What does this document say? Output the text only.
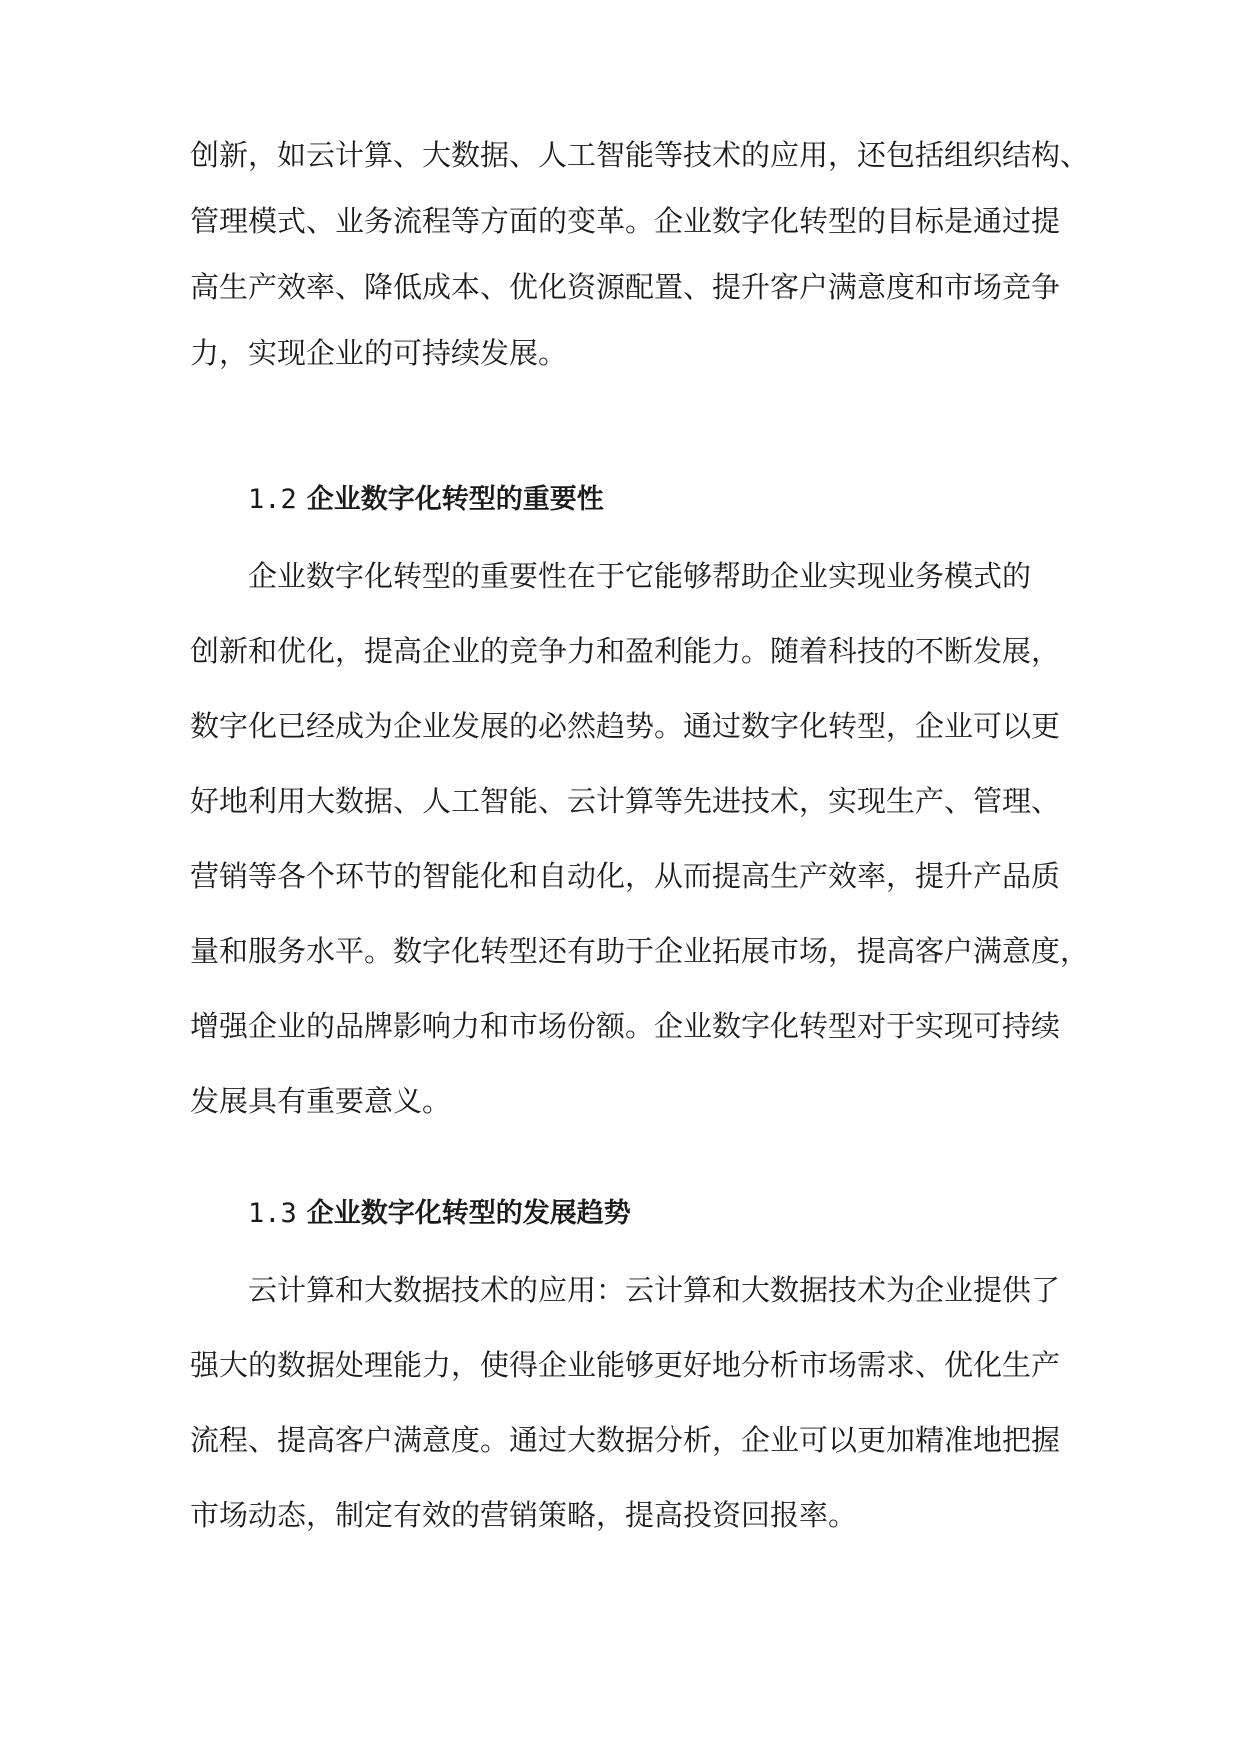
创新，如云计算、大数据、人工智能等技术的应用，还包括组织结构、
管理模式、业务流程等方面的变革。企业数字化转型的目标是通过提
高生产效率、降低成本、优化资源配置、提升客户满意度和市场竞争
力，实现企业的可持续发展。
1.2 企业数字化转型的重要性
企业数字化转型的重要性在于它能够帮助企业实现业务模式的
创新和优化，提高企业的竞争力和盈利能力。随着科技的不断发展，
数字化已经成为企业发展的必然趋势。通过数字化转型，企业可以更
好地利用大数据、人工智能、云计算等先进技术，实现生产、管理、
营销等各个环节的智能化和自动化，从而提高生产效率，提升产品质
量和服务水平。数字化转型还有助于企业拓展市场，提高客户满意度，
增强企业的品牌影响力和市场份额。企业数字化转型对于实现可持续
发展具有重要意义。
1.3 企业数字化转型的发展趋势
云计算和大数据技术的应用：云计算和大数据技术为企业提供了
强大的数据处理能力，使得企业能够更好地分析市场需求、优化生产
流程、提高客户满意度。通过大数据分析，企业可以更加精准地把握
市场动态，制定有效的营销策略，提高投资回报率。
